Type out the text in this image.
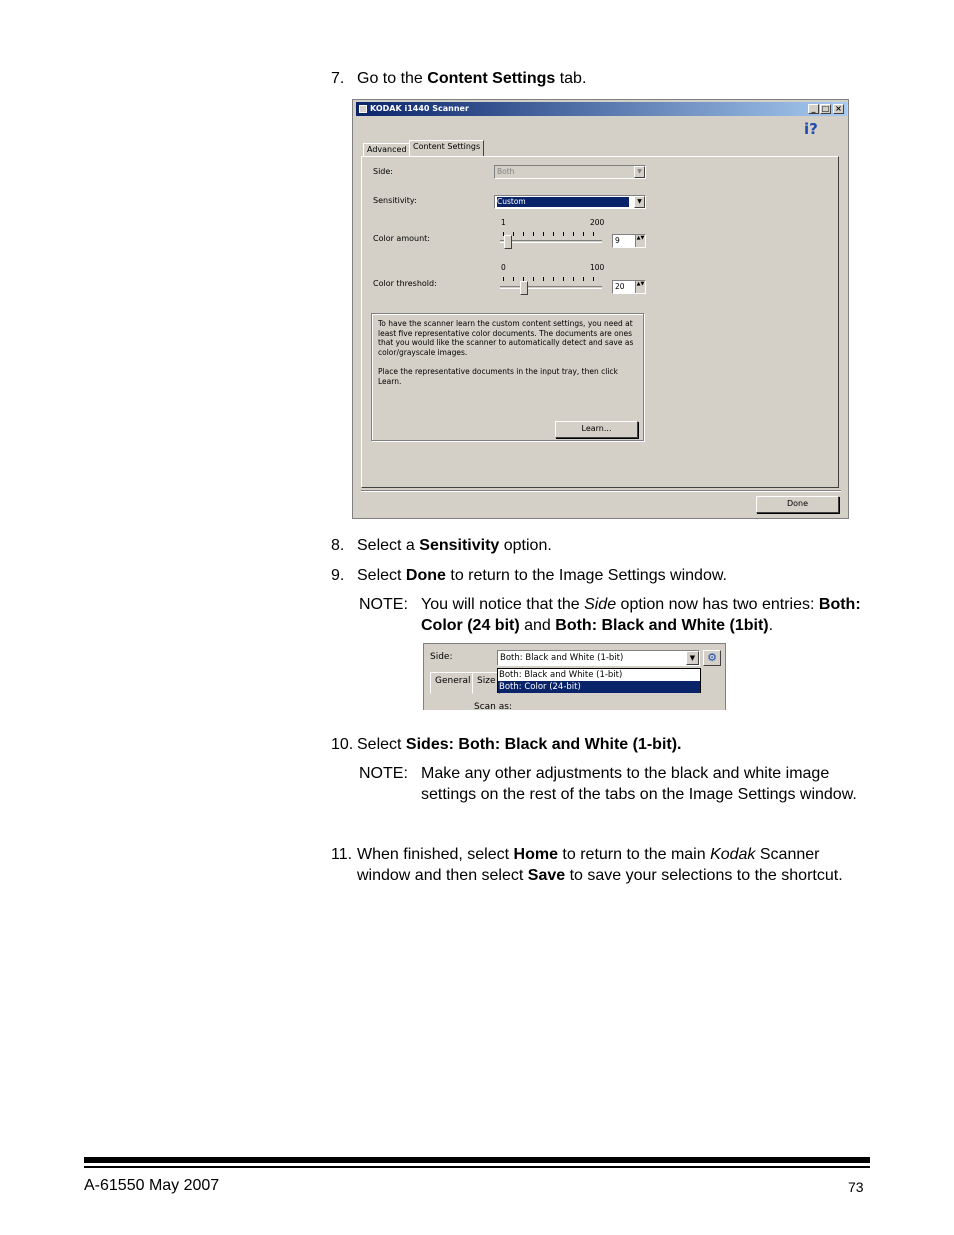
7. Go to the Content Settings tab.
KODAK i1440 Scanner	_ □ ×
i?
Advanced Content Settings
Side:	Both	▼
Sensitivity:	Custom	▼
1	200
Color amount:	9	▲▼
0	100
Color threshold:	20	▲▼
To have the scanner learn the custom content settings, you need at least five representative color documents. The documents are ones that you would like the scanner to automatically detect and save as color/grayscale images.
Place the representative documents in the input tray, then click Learn.
Learn...
Done
8. Select a Sensitivity option.
9. Select Done to return to the Image Settings window.
NOTE: You will notice that the Side option now has two entries: Both: Color (24 bit) and Both: Black and White (1bit).
Side:	Both: Black and White (1-bit)	▼	⚙
General Size
Both: Black and White (1-bit)
Both: Color (24-bit)
Scan as:
10. Select Sides: Both: Black and White (1-bit).
NOTE: Make any other adjustments to the black and white image settings on the rest of the tabs on the Image Settings window.
11. When finished, select Home to return to the main Kodak Scanner window and then select Save to save your selections to the shortcut.
A-61550 May 2007	73
